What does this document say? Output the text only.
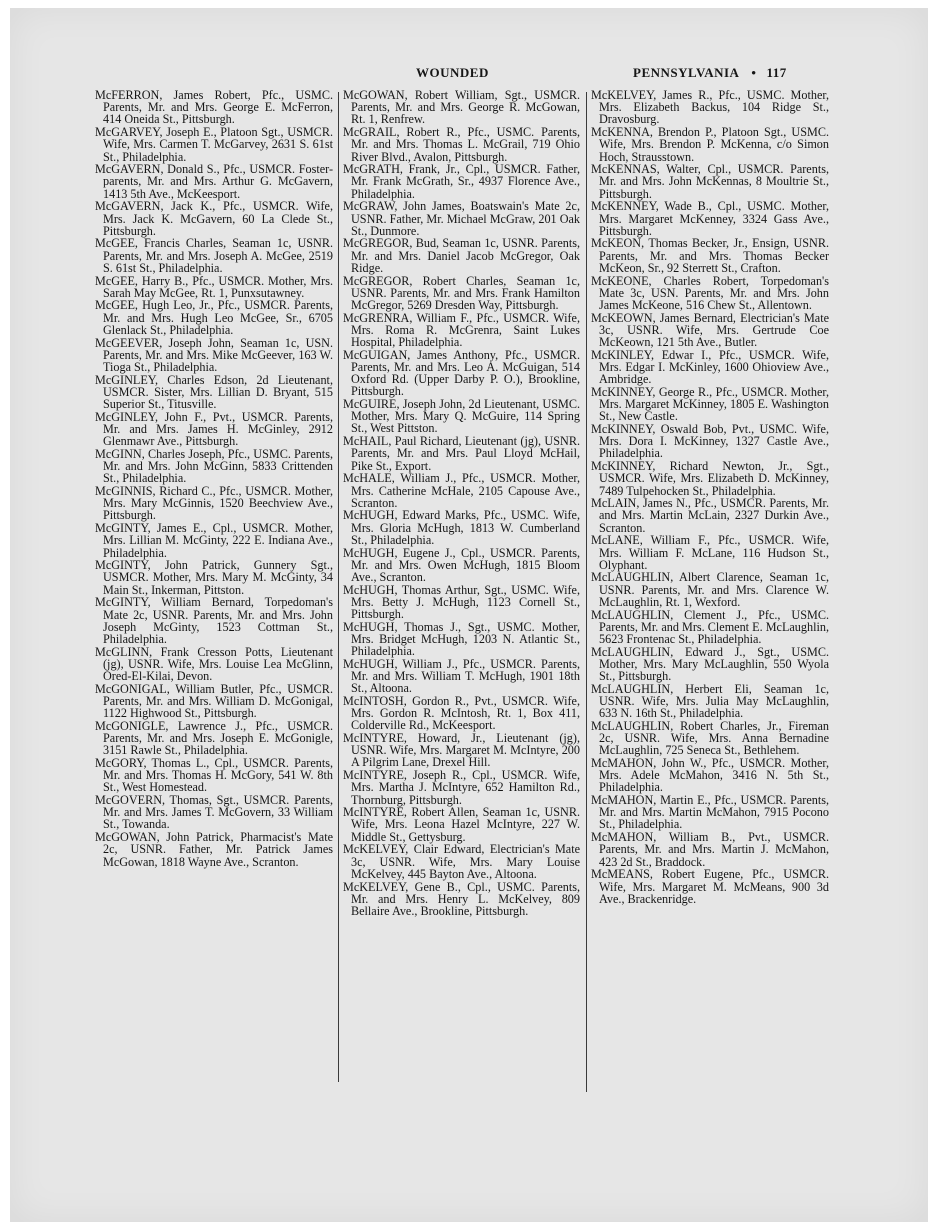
WOUNDED	PENNSYLVANIA • 117
McFERRON, James Robert, Pfc., USMC. Parents, Mr. and Mrs. George E. McFerron, 414 Oneida St., Pittsburgh.
McGARVEY, Joseph E., Platoon Sgt., USMCR. Wife, Mrs. Carmen T. McGarvey, 2631 S. 61st St., Philadelphia.
McGAVERN, Donald S., Pfc., USMCR. Foster-parents, Mr. and Mrs. Arthur G. McGavern, 1413 5th Ave., McKeesport.
McGAVERN, Jack K., Pfc., USMCR. Wife, Mrs. Jack K. McGavern, 60 La Clede St., Pittsburgh.
McGEE, Francis Charles, Seaman 1c, USNR. Parents, Mr. and Mrs. Joseph A. McGee, 2519 S. 61st St., Philadelphia.
McGEE, Harry B., Pfc., USMCR. Mother, Mrs. Sarah May McGee, Rt. 1, Punxsutawney.
McGEE, Hugh Leo, Jr., Pfc., USMCR. Parents, Mr. and Mrs. Hugh Leo McGee, Sr., 6705 Glenlack St., Philadelphia.
McGEEVER, Joseph John, Seaman 1c, USN. Parents, Mr. and Mrs. Mike McGeever, 163 W. Tioga St., Philadelphia.
McGINLEY, Charles Edson, 2d Lieutenant, USMCR. Sister, Mrs. Lillian D. Bryant, 515 Superior St., Titusville.
McGINLEY, John F., Pvt., USMCR. Parents, Mr. and Mrs. James H. McGinley, 2912 Glenmawr Ave., Pittsburgh.
McGINN, Charles Joseph, Pfc., USMC. Parents, Mr. and Mrs. John McGinn, 5833 Crittenden St., Philadelphia.
McGINNIS, Richard C., Pfc., USMCR. Mother, Mrs. Mary McGinnis, 1520 Beechview Ave., Pittsburgh.
McGINTY, James E., Cpl., USMCR. Mother, Mrs. Lillian M. McGinty, 222 E. Indiana Ave., Philadelphia.
McGINTY, John Patrick, Gunnery Sgt., USMCR. Mother, Mrs. Mary M. McGinty, 34 Main St., Inkerman, Pittston.
McGINTY, William Bernard, Torpedoman's Mate 2c, USNR. Parents, Mr. and Mrs. John Joseph McGinty, 1523 Cottman St., Philadelphia.
McGLINN, Frank Cresson Potts, Lieutenant (jg), USNR. Wife, Mrs. Louise Lea McGlinn, Ored-El-Kilai, Devon.
McGONIGAL, William Butler, Pfc., USMCR. Parents, Mr. and Mrs. William D. McGonigal, 1122 Highwood St., Pittsburgh.
McGONIGLE, Lawrence J., Pfc., USMCR. Parents, Mr. and Mrs. Joseph E. McGonigle, 3151 Rawle St., Philadelphia.
McGORY, Thomas L., Cpl., USMCR. Parents, Mr. and Mrs. Thomas H. McGory, 541 W. 8th St., West Homestead.
McGOVERN, Thomas, Sgt., USMCR. Parents, Mr. and Mrs. James T. McGovern, 33 William St., Towanda.
McGOWAN, John Patrick, Pharmacist's Mate 2c, USNR. Father, Mr. Patrick James McGowan, 1818 Wayne Ave., Scranton.
McGOWAN, Robert William, Sgt., USMCR. Parents, Mr. and Mrs. George R. McGowan, Rt. 1, Renfrew.
McGRAIL, Robert R., Pfc., USMC. Parents, Mr. and Mrs. Thomas L. McGrail, 719 Ohio River Blvd., Avalon, Pittsburgh.
McGRATH, Frank, Jr., Cpl., USMCR. Father, Mr. Frank McGrath, Sr., 4937 Florence Ave., Philadelphia.
McGRAW, John James, Boatswain's Mate 2c, USNR. Father, Mr. Michael McGraw, 201 Oak St., Dunmore.
McGREGOR, Bud, Seaman 1c, USNR. Parents, Mr. and Mrs. Daniel Jacob McGregor, Oak Ridge.
McGREGOR, Robert Charles, Seaman 1c, USNR. Parents, Mr. and Mrs. Frank Hamilton McGregor, 5269 Dresden Way, Pittsburgh.
McGRENRA, William F., Pfc., USMCR. Wife, Mrs. Roma R. McGrenra, Saint Lukes Hospital, Philadelphia.
McGUIGAN, James Anthony, Pfc., USMCR. Parents, Mr. and Mrs. Leo A. McGuigan, 514 Oxford Rd. (Upper Darby P. O.), Brookline, Pittsburgh.
McGUIRE, Joseph John, 2d Lieutenant, USMC. Mother, Mrs. Mary Q. McGuire, 114 Spring St., West Pittston.
McHAIL, Paul Richard, Lieutenant (jg), USNR. Parents, Mr. and Mrs. Paul Lloyd McHail, Pike St., Export.
McHALE, William J., Pfc., USMCR. Mother, Mrs. Catherine McHale, 2105 Capouse Ave., Scranton.
McHUGH, Edward Marks, Pfc., USMC. Wife, Mrs. Gloria McHugh, 1813 W. Cumberland St., Philadelphia.
McHUGH, Eugene J., Cpl., USMCR. Parents, Mr. and Mrs. Owen McHugh, 1815 Bloom Ave., Scranton.
McHUGH, Thomas Arthur, Sgt., USMC. Wife, Mrs. Betty J. McHugh, 1123 Cornell St., Pittsburgh.
McHUGH, Thomas J., Sgt., USMC. Mother, Mrs. Bridget McHugh, 1203 N. Atlantic St., Philadelphia.
McHUGH, William J., Pfc., USMCR. Parents, Mr. and Mrs. William T. McHugh, 1901 18th St., Altoona.
McINTOSH, Gordon R., Pvt., USMCR. Wife, Mrs. Gordon R. McIntosh, Rt. 1, Box 411, Colderville Rd., McKeesport.
McINTYRE, Howard, Jr., Lieutenant (jg), USNR. Wife, Mrs. Margaret M. McIntyre, 200 A Pilgrim Lane, Drexel Hill.
McINTYRE, Joseph R., Cpl., USMCR. Wife, Mrs. Martha J. McIntyre, 652 Hamilton Rd., Thornburg, Pittsburgh.
McINTYRE, Robert Allen, Seaman 1c, USNR. Wife, Mrs. Leona Hazel McIntyre, 227 W. Middle St., Gettysburg.
McKELVEY, Clair Edward, Electrician's Mate 3c, USNR. Wife, Mrs. Mary Louise McKelvey, 445 Bayton Ave., Altoona.
McKELVEY, Gene B., Cpl., USMC. Parents, Mr. and Mrs. Henry L. McKelvey, 809 Bellaire Ave., Brookline, Pittsburgh.
McKELVEY, James R., Pfc., USMC. Mother, Mrs. Elizabeth Backus, 104 Ridge St., Dravosburg.
McKENNA, Brendon P., Platoon Sgt., USMC. Wife, Mrs. Brendon P. McKenna, c/o Simon Hoch, Strausstown.
McKENNAS, Walter, Cpl., USMCR. Parents, Mr. and Mrs. John McKennas, 8 Moultrie St., Pittsburgh.
McKENNEY, Wade B., Cpl., USMC. Mother, Mrs. Margaret McKenney, 3324 Gass Ave., Pittsburgh.
McKEON, Thomas Becker, Jr., Ensign, USNR. Parents, Mr. and Mrs. Thomas Becker McKeon, Sr., 92 Sterrett St., Crafton.
McKEONE, Charles Robert, Torpedoman's Mate 3c, USN. Parents, Mr. and Mrs. John James McKeone, 516 Chew St., Allentown.
McKEOWN, James Bernard, Electrician's Mate 3c, USNR. Wife, Mrs. Gertrude Coe McKeown, 121 5th Ave., Butler.
McKINLEY, Edwar I., Pfc., USMCR. Wife, Mrs. Edgar I. McKinley, 1600 Ohioview Ave., Ambridge.
McKINNEY, George R., Pfc., USMCR. Mother, Mrs. Margaret McKinney, 1805 E. Washington St., New Castle.
McKINNEY, Oswald Bob, Pvt., USMC. Wife, Mrs. Dora I. McKinney, 1327 Castle Ave., Philadelphia.
McKINNEY, Richard Newton, Jr., Sgt., USMCR. Wife, Mrs. Elizabeth D. McKinney, 7489 Tulpehocken St., Philadelphia.
McLAIN, James N., Pfc., USMCR. Parents, Mr. and Mrs. Martin McLain, 2327 Durkin Ave., Scranton.
McLANE, William F., Pfc., USMCR. Wife, Mrs. William F. McLane, 116 Hudson St., Olyphant.
McLAUGHLIN, Albert Clarence, Seaman 1c, USNR. Parents, Mr. and Mrs. Clarence W. McLaughlin, Rt. 1, Wexford.
McLAUGHLIN, Clement J., Pfc., USMC. Parents, Mr. and Mrs. Clement E. McLaughlin, 5623 Frontenac St., Philadelphia.
McLAUGHLIN, Edward J., Sgt., USMC. Mother, Mrs. Mary McLaughlin, 550 Wyola St., Pittsburgh.
McLAUGHLIN, Herbert Eli, Seaman 1c, USNR. Wife, Mrs. Julia May McLaughlin, 633 N. 16th St., Philadelphia.
McLAUGHLIN, Robert Charles, Jr., Fireman 2c, USNR. Wife, Mrs. Anna Bernadine McLaughlin, 725 Seneca St., Bethlehem.
McMAHON, John W., Pfc., USMCR. Mother, Mrs. Adele McMahon, 3416 N. 5th St., Philadelphia.
McMAHON, Martin E., Pfc., USMCR. Parents, Mr. and Mrs. Martin McMahon, 7915 Pocono St., Philadelphia.
McMAHON, William B., Pvt., USMCR. Parents, Mr. and Mrs. Martin J. McMahon, 423 2d St., Braddock.
McMEANS, Robert Eugene, Pfc., USMCR. Wife, Mrs. Margaret M. McMeans, 900 3d Ave., Brackenridge.
